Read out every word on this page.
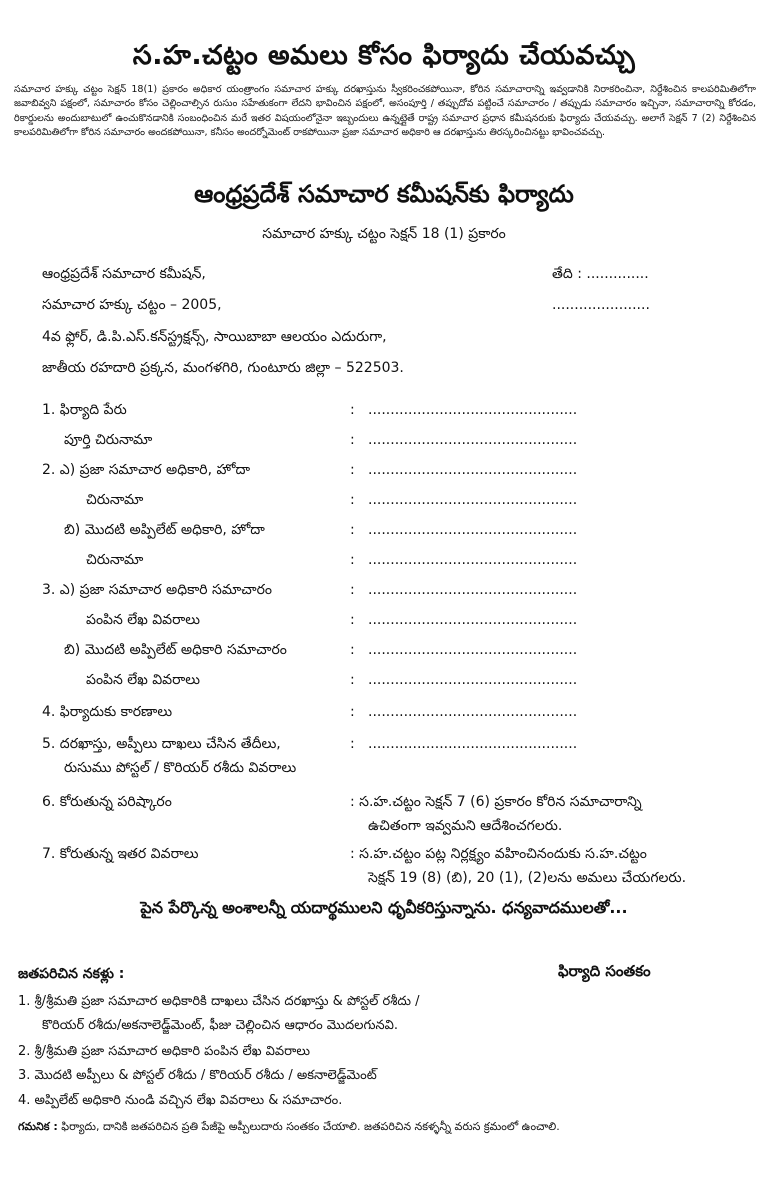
స.హ.చట్టం అమలు కోసం ఫిర్యాదు చేయవచ్చు
సమాచార హక్కు చట్టం సెక్షన్ 18(1) ప్రకారం అధికార యంత్రాంగం సమాచార హక్కు దరఖాస్తును స్వీకరించకపోయినా, కోరిన సమాచారాన్ని ఇవ్వడానికి నిరాకరించినా, నిర్దేశించిన కాలపరిమితిలోగా జవాబివ్వని పక్షంలో, సమాచారం కోసం చెల్లించాల్సిన రుసుం సహేతుకంగా లేదని భావించిన పక్షంలో, అసంపూర్తి / తప్పుదోవ పట్టించే సమాచారం / తప్పుడు సమాచారం ఇచ్చినా, సమాచారాన్ని కోరడం, రికార్డులను అందుబాటులో ఉంచుకొనడానికి సంబంధించిన మరే ఇతర విషయంలోనైనా ఇబ్బందులు ఉన్నట్లైతే రాష్ట్ర సమాచార ప్రధాన కమీషనరుకు ఫిర్యాదు చేయవచ్చు. అలాగే సెక్షన్ 7 (2) నిర్దేశించిన కాలపరిమితిలోగా కోరిన సమాచారం అందకపోయినా, కనీసం అందర్నోమెంట్ రాకపోయినా ప్రజా సమాచార అధికారి ఆ దరఖాస్తును తిరస్కరించినట్టు భావించవచ్చు.
ఆంధ్రప్రదేశ్ సమాచార కమీషన్‌కు ఫిర్యాదు
సమాచార హక్కు చట్టం సెక్షన్ 18 (1) ప్రకారం
ఆంధ్రప్రదేశ్ సమాచార కమీషన్,
సమాచార హక్కు చట్టం – 2005,
4వ ఫ్లోర్, డి.పి.ఎస్.కన్‌స్ట్రక్షన్స్, సాయిబాబా ఆలయం ఎదురుగా,
జాతీయ రహదారి ప్రక్కన, మంగళగిరి, గుంటూరు జిల్లా – 522503.
తేది : ..............
......................
1. ఫిర్యాది పేరు	: ...............................................
పూర్తి చిరునామా	: ...............................................
2. ఎ) ప్రజా సమాచార అధికారి, హోదా	: ...............................................
చిరునామా	: ...............................................
బి) మొదటి అప్పిలేట్ అధికారి, హోదా	: ...............................................
చిరునామా	: ...............................................
3. ఎ) ప్రజా సమాచార అధికారి సమాచారం	: ...............................................
పంపిన లేఖ వివరాలు	: ...............................................
బి) మొదటి అప్పిలేట్ అధికారి సమాచారం	: ...............................................
పంపిన లేఖ వివరాలు	: ...............................................
4. ఫిర్యాదుకు కారణాలు	: ...............................................
5. దరఖాస్తు, అప్పీలు దాఖలు చేసిన తేదీలు,	: ...............................................
రుసుము పోస్టల్ / కొరియర్ రశీదు వివరాలు
6. కోరుతున్న పరిష్కారం	: స.హ.చట్టం సెక్షన్ 7 (6) ప్రకారం కోరిన సమాచారాన్ని
ఉచితంగా ఇవ్వమని ఆదేశించగలరు.
7. కోరుతున్న ఇతర వివరాలు	: స.హ.చట్టం పట్ల నిర్లక్ష్యం వహించినందుకు స.హ.చట్టం
సెక్షన్ 19 (8) (బి), 20 (1), (2)లను అమలు చేయగలరు.
పైన పేర్కొన్న అంశాలన్నీ యదార్థములని ధృవీకరిస్తున్నాను. ధన్యవాదములతో...
జతపరిచిన నకళ్లు :	ఫిర్యాది సంతకం
1. శ్రీ/శ్రీమతి ప్రజా సమాచార అధికారికి దాఖలు చేసిన దరఖాస్తు & పోస్టల్ రశీదు /
కొరియర్ రశీదు/అకనాలెడ్జ్‌మెంట్, ఫీజు చెల్లించిన ఆధారం మొదలగునవి.
2. శ్రీ/శ్రీమతి ప్రజా సమాచార అధికారి పంపిన లేఖ వివరాలు
3. మొదటి అప్పీలు & పోస్టల్ రశీదు / కొరియర్ రశీదు / అకనాలెడ్జ్‌మెంట్
4. అప్పిలేట్ అధికారి నుండి వచ్చిన లేఖ వివరాలు & సమాచారం.
గమనిక : ఫిర్యాదు, దానికి జతపరిచిన ప్రతి పేజీపై అప్పీలుదారు సంతకం చేయాలి. జతపరిచిన నకళ్ళన్నీ వరుస క్రమంలో ఉంచాలి.
